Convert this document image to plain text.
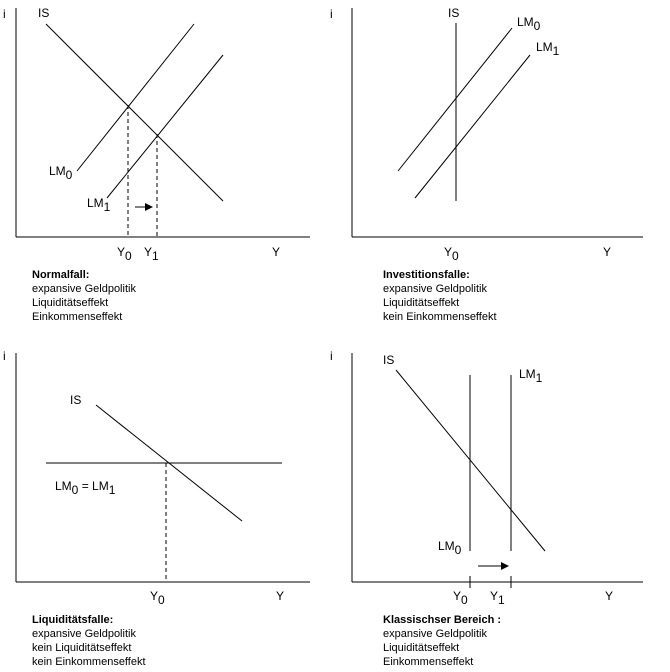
i
Y
IS
LM0
LM1
Y0 Y1
i
Y
IS
LM0
LM1
Y0
i
Y
IS
LM0 = LM1
Y0
i
Y
IS
LM0
LM1
Y0 Y1
Normalfall:
expansive Geldpolitik
Liquiditätseffekt
Einkommenseffekt
Investitionsfalle:
expansive Geldpolitik
Liquiditätseffekt
kein Einkommenseffekt
Liquiditätsfalle:
expansive Geldpolitik
kein Liquiditätseffekt
kein Einkommenseffekt
Klassischser Bereich :
expansive Geldpolitik
Liquiditätseffekt
Einkommenseffekt
